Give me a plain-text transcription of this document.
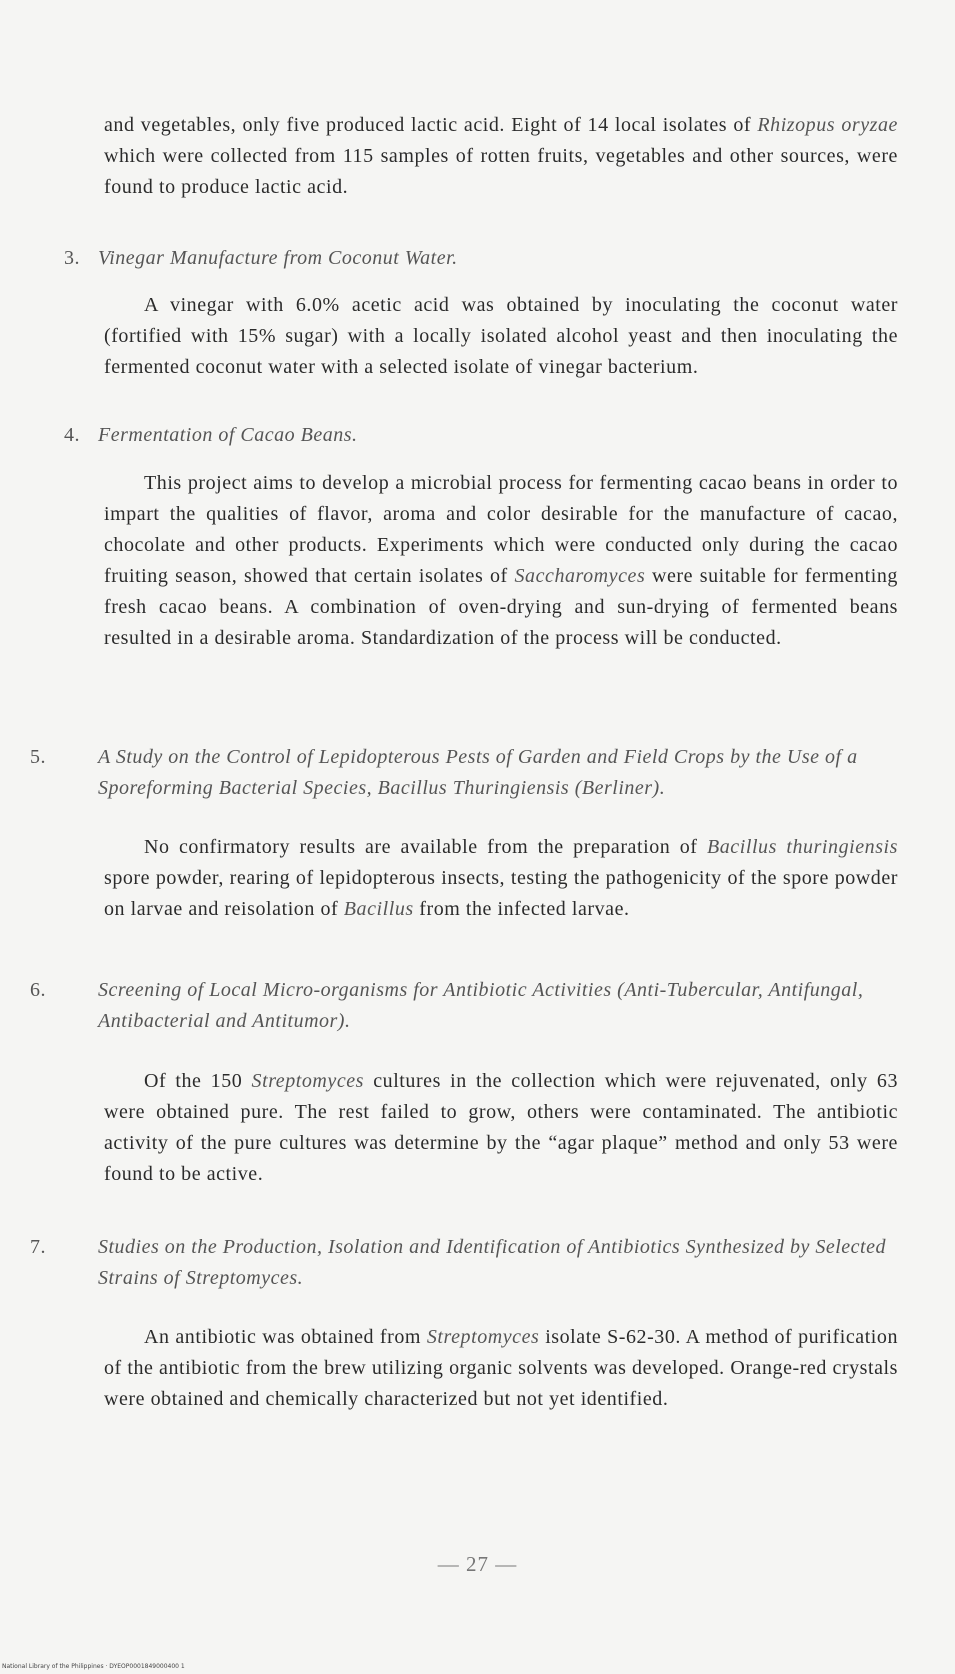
and vegetables, only five produced lactic acid. Eight of 14 local isolates of Rhizopus oryzae which were collected from 115 samples of rotten fruits, vegetables and other sources, were found to produce lactic acid.

3. Vinegar Manufacture from Coconut Water.

A vinegar with 6.0% acetic acid was obtained by inoculating the coconut water (fortified with 15% sugar) with a locally isolated alcohol yeast and then inoculating the fermented coconut water with a selected isolate of vinegar bacterium.

4. Fermentation of Cacao Beans.

This project aims to develop a microbial process for fermenting cacao beans in order to impart the qualities of flavor, aroma and color desirable for the manufacture of cacao, chocolate and other products. Experiments which were conducted only during the cacao fruiting season, showed that certain isolates of Saccharomyces were suitable for fermenting fresh cacao beans. A combination of oven-drying and sun-drying of fermented beans resulted in a desirable aroma. Standardization of the process will be conducted.

5.	A Study on the Control of Lepidopterous Pests of Garden and Field Crops by the Use of a Sporeforming Bacterial Species, Bacillus Thuringiensis (Berliner).

No confirmatory results are available from the preparation of Bacillus thuringiensis spore powder, rearing of lepidopterous insects, testing the pathogenicity of the spore powder on larvae and reisolation of Bacillus from the infected larvae.

6.	Screening of Local Micro-organisms for Antibiotic Activities (Anti-Tubercular, Antifungal, Antibacterial and Antitumor).

Of the 150 Streptomyces cultures in the collection which were rejuvenated, only 63 were obtained pure. The rest failed to grow, others were contaminated. The antibiotic activity of the pure cultures was determine by the “agar plaque” method and only 53 were found to be active.

7.	Studies on the Production, Isolation and Identification of Antibiotics Synthesized by Selected Strains of Streptomyces.

An antibiotic was obtained from Streptomyces isolate S-62-30. A method of purification of the antibiotic from the brew utilizing organic solvents was developed. Orange-red crystals were obtained and chemically characterized but not yet identified.

— 27 —
National Library of the Philippines · DYEOP0001849000400 1
